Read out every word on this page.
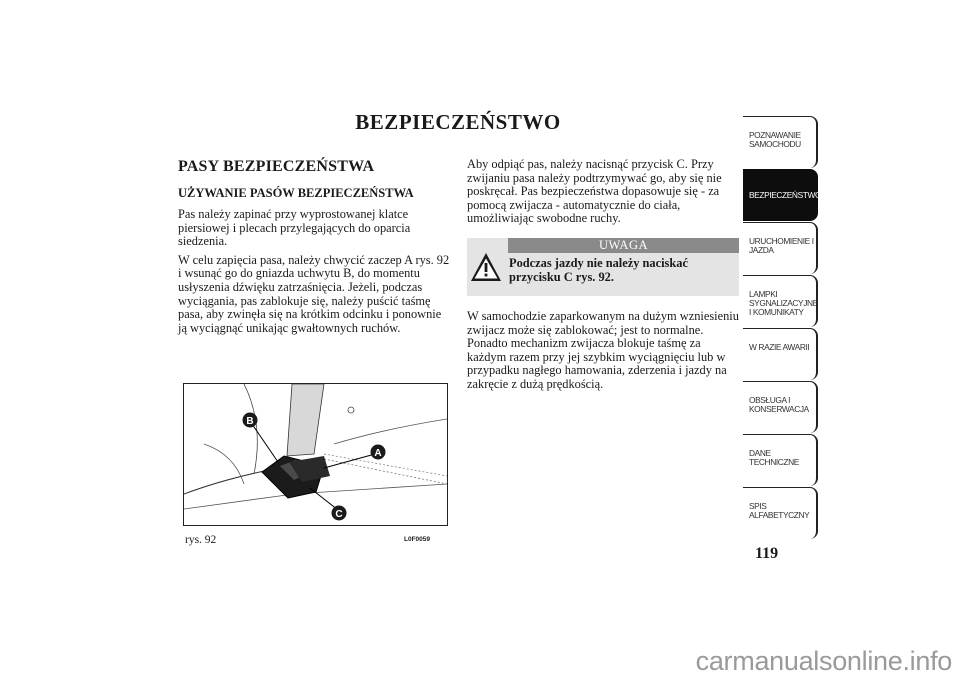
BEZPIECZEŃSTWO
PASY BEZPIECZEŃSTWA
UŻYWANIE PASÓW BEZPIECZEŃSTWA

Pas należy zapinać przy wyprostowanej klatce piersiowej i plecach przylegających do oparcia siedzenia.

W celu zapięcia pasa, należy chwycić zaczep A rys. 92 i wsunąć go do gniazda uchwytu B, do momentu usłyszenia dźwięku zatrzaśnięcia. Jeżeli, podczas wyciągania, pas zablokuje się, należy puścić taśmę pasa, aby zwinęła się na krótkim odcinku i ponownie ją wyciągnąć unikając gwałtownych ruchów.

Aby odpiąć pas, należy nacisnąć przycisk C. Przy zwijaniu pasa należy podtrzymywać go, aby się nie poskręcał. Pas bezpieczeństwa dopasowuje się - za pomocą zwijacza - automatycznie do ciała, umożliwiając swobodne ruchy.

UWAGA
Podczas jazdy nie należy naciskać przycisku C rys. 92.

W samochodzie zaparkowanym na dużym wzniesieniu zwijacz może się zablokować; jest to normalne. Ponadto mechanizm zwijacza blokuje taśmę za każdym razem przy jej szybkim wyciągnięciu lub w przypadku nagłego hamowania, zderzenia i jazdy na zakręcie z dużą prędkością.

B
A
C
rys. 92	L0F0059
POZNAWANIE SAMOCHODU
BEZPIECZEŃSTWO
URUCHOMIENIE I JAZDA
LAMPKI SYGNALIZACYJNE I KOMUNIKATY
W RAZIE AWARII
OBSŁUGA I KONSERWACJA
DANE TECHNICZNE
SPIS ALFABETYCZNY
119
carmanualsonline.info
